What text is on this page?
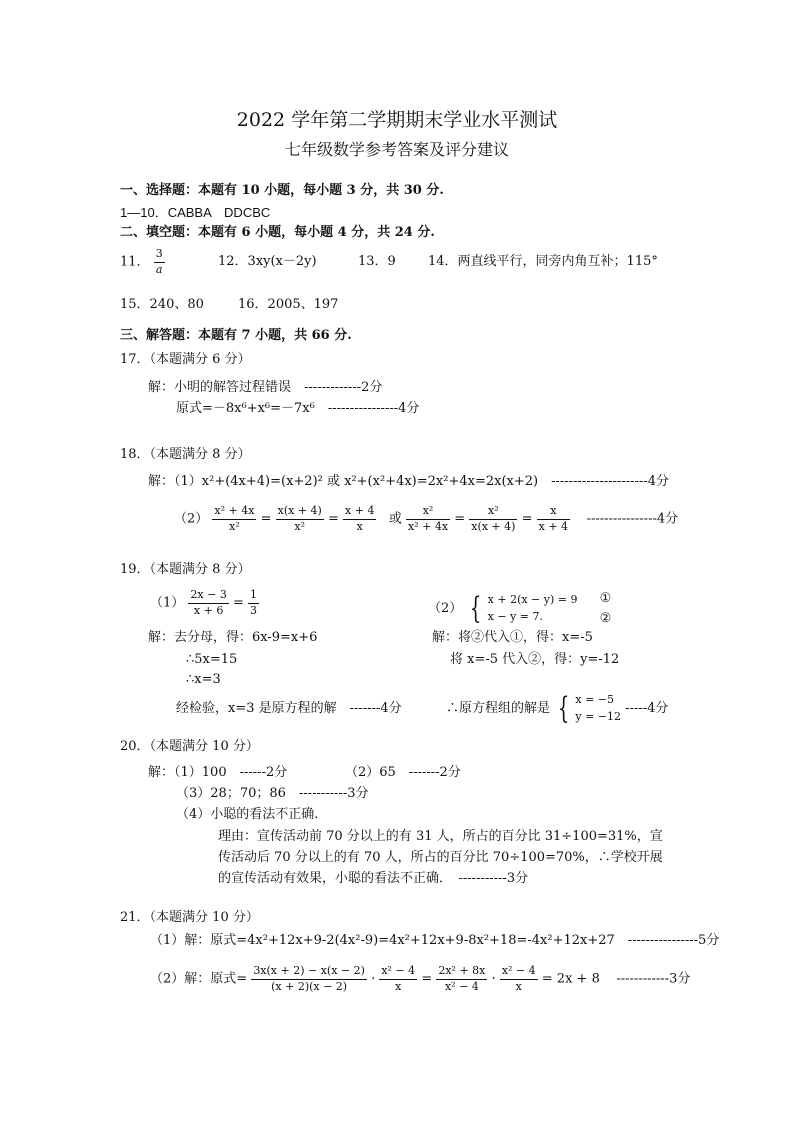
2022 学年第二学期期末学业水平测试
七年级数学参考答案及评分建议
一、选择题：本题有 10 小题，每小题 3 分，共 30 分.
1—10．CABBA　DDCBC
二、填空题：本题有 6 小题，每小题 4 分，共 24 分.
11． $\frac{3}{a}$	12．3xy(x－2y)	13．9 14．两直线平行，同旁内角互补；115°
15．240、80	16．2005、197
三、解答题：本题有 7 小题，共 66 分.
17．（本题满分 6 分）
解：小明的解答过程错误　-------------2分
原式=－8x⁶+x⁶=－7x⁶　----------------4分
18．（本题满分 8 分）
解：（1）x²+(4x+4)=(x+2)² 或 x²+(x²+4x)=2x²+4x=2x(x+2)　----------------------4分
$(2) \frac{\text{x² + 4x}}{\text{x²}} = \frac{x(x + 4)}{\text{x²}} = \frac{x + 4}{x}$ 或 $\frac{\text{x²}}{\text{x² + 4x}} = \frac{\text{x²}}{x(x + 4)} = \frac{x}{x + 4} ----------------4$分
19．（本题满分 8 分）
$(1) \frac{2x - 3}{x + 6} = \frac{1}{3}$	（2） { x + 2(x − y) = 9
x − y = 7.

①
②
解：去分母，得：6x-9=x+6
∴5x=15
∴x=3
经检验，x=3 是原方程的解　-------4分
解：将②代入①，得：x=-5
将 x=-5 代入②，得：y=-12
∴原方程组的解是 { x = −5
y = −12 -----4分
20．（本题满分 10 分）
解：（1）100　------2分	（2）65　-------2分
（3）28；70；86　-----------3分
（4）小聪的看法不正确.
理由：宣传活动前 70 分以上的有 31 人，所占的百分比 31÷100=31%，宣
传活动后 70 分以上的有 70 人，所占的百分比 70÷100=70%，∴学校开展
的宣传活动有效果，小聪的看法不正确．　-----------3分
21．（本题满分 10 分）
（1）解：原式=4x²+12x+9-2(4x²-9)=4x²+12x+9-8x²+18=-4x²+12x+27　----------------5分
（2）解：原式= $\frac{3x(x + 2) - x(x - 2)}{(x + 2)(x - 2)} \cdot \frac{\text{x² − 4}}{x} = \frac{\text{2x² + 8x}}{\text{x² − 4}} \cdot \frac{\text{x² − 4}}{x} = 2x + 8$ ------------3分
